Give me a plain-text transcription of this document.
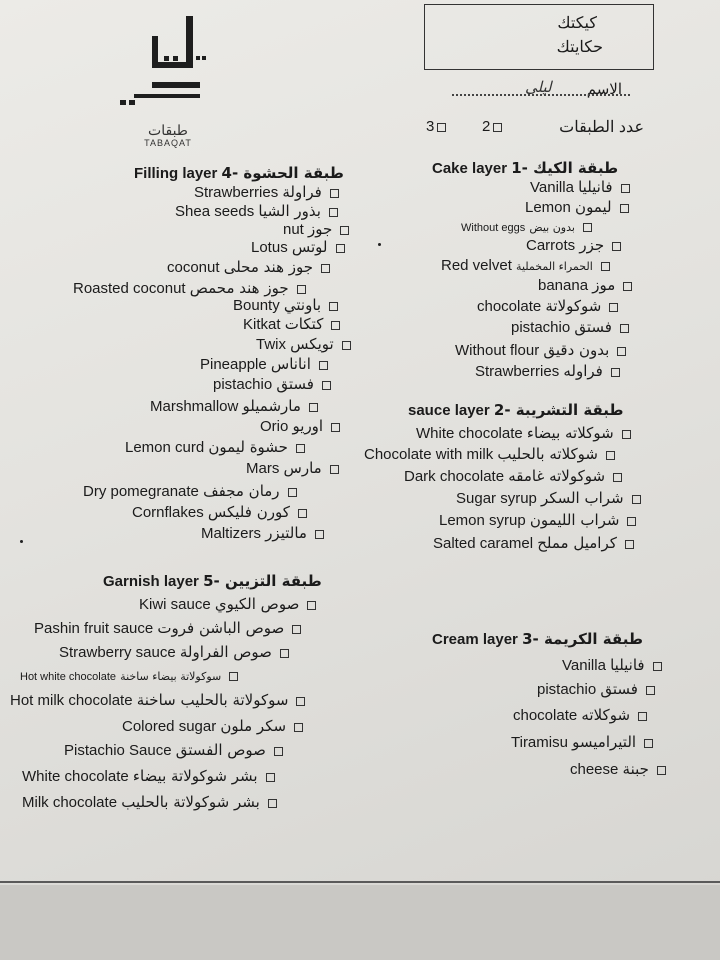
طبقات
TABAQAT
كيكتك
حكايتك
الاسم
ليلى
عدد الطبقات
3	2
Cake layer طبقة الكيك -1
Vanilla فانيليا
Lemon ليمون
Without eggs بدون بيض
Carrots جزر
Red velvet الحمراء المخملية
banana موز
chocolate شوكولاتة
pistachio فستق
Without flour بدون دقيق
Strawberries فراوله
sauce layer طبقة التشريبة -2
White chocolate شوكلاته بيضاء
Chocolate with milk شوكلاته بالحليب
Dark chocolate شوكولاته غامقه
Sugar syrup شراب السكر
Lemon syrup شراب الليمون
Salted caramel كراميل مملح
Cream layer طبقة الكريمة -3
Vanilla فانيليا
pistachio فستق
chocolate شوكلاته
Tiramisu التيراميسو
cheese جبنة
Filling layer طبقة الحشوة -4
Strawberries فراولة
Shea seeds بذور الشيا
nut جوز
Lotus لوتس
coconut جوز هند محلى
Roasted coconut جوز هند محمص
Bounty باونتي
Kitkat كتكات
Twix تويكس
Pineapple اناناس
pistachio فستق
Marshmallow مارشميلو
Orio اوريو
Lemon curd حشوة ليمون
Mars مارس
Dry pomegranate رمان مجفف
Cornflakes كورن فليكس
Maltizers مالتيزر
Garnish layer طبقة التزيين -5
Kiwi sauce صوص الكيوي
Pashin fruit sauce صوص الباشن فروت
Strawberry sauce صوص الفراولة
Hot white chocolate سوكولاتة بيضاء ساخنة
Hot milk chocolate سوكولاتة بالحليب ساخنة
Colored sugar سكر ملون
Pistachio Sauce صوص الفستق
White chocolate بشر شوكولاتة بيضاء
Milk chocolate بشر شوكولاتة بالحليب
